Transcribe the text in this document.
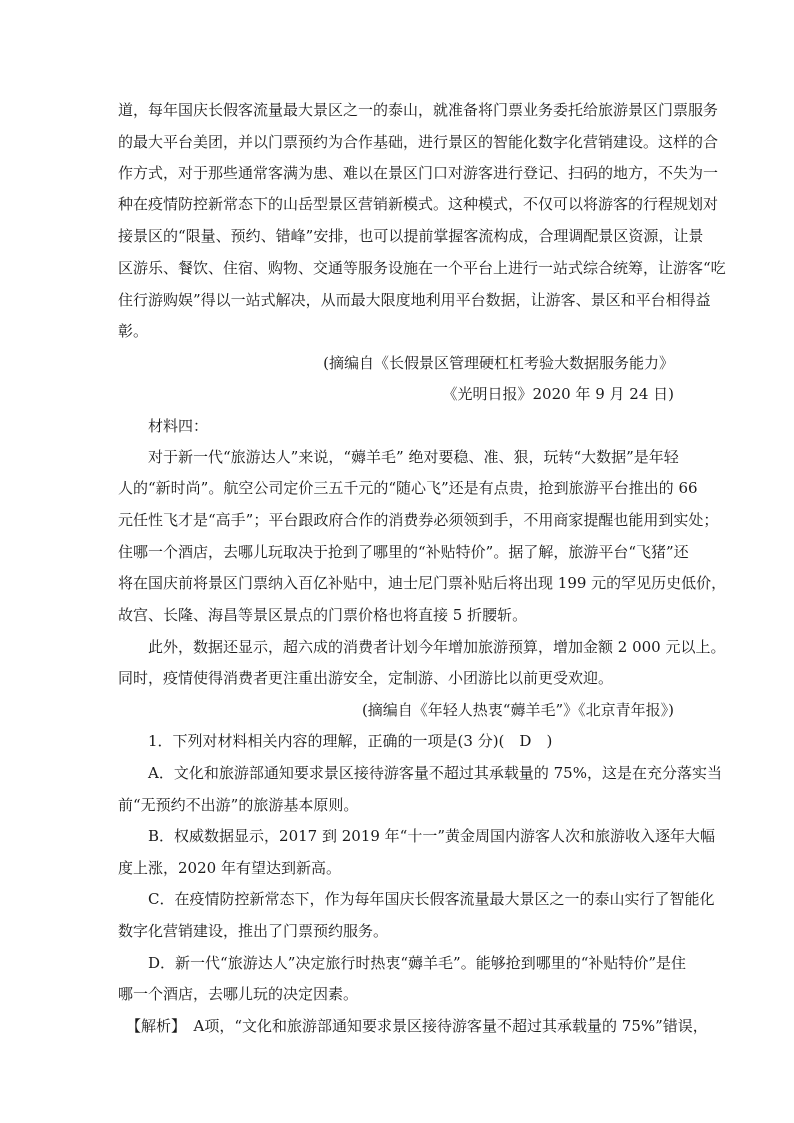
道，每年国庆长假客流量最大景区之一的泰山，就准备将门票业务委托给旅游景区门票服务
的最大平台美团，并以门票预约为合作基础，进行景区的智能化数字化营销建设。这样的合
作方式，对于那些通常客满为患、难以在景区门口对游客进行登记、扫码的地方，不失为一
种在疫情防控新常态下的山岳型景区营销新模式。这种模式，不仅可以将游客的行程规划对
接景区的“限量、预约、错峰”安排，也可以提前掌握客流构成，合理调配景区资源，让景
区游乐、餐饮、住宿、购物、交通等服务设施在一个平台上进行一站式综合统筹，让游客“吃
住行游购娱”得以一站式解决，从而最大限度地利用平台数据，让游客、景区和平台相得益
彰。
(摘编自《长假景区管理硬杠杠考验大数据服务能力》
《光明日报》2020 年 9 月 24 日)
材料四：
对于新一代“旅游达人”来说，“薅羊毛” 绝对要稳、准、狠，玩转“大数据”是年轻
人的“新时尚”。航空公司定价三五千元的“随心飞”还是有点贵，抢到旅游平台推出的 66
元任性飞才是“高手”；平台跟政府合作的消费券必须领到手，不用商家提醒也能用到实处；
住哪一个酒店，去哪儿玩取决于抢到了哪里的“补贴特价”。据了解，旅游平台“飞猪”还
将在国庆前将景区门票纳入百亿补贴中，迪士尼门票补贴后将出现 199 元的罕见历史低价，
故宫、长隆、海昌等景区景点的门票价格也将直接 5 折腰斩。
此外，数据还显示，超六成的消费者计划今年增加旅游预算，增加金额 2 000 元以上。
同时，疫情使得消费者更注重出游安全，定制游、小团游比以前更受欢迎。
(摘编自《年轻人热衷“薅羊毛”》《北京青年报》)
1．下列对材料相关内容的理解，正确的一项是(3 分)(　D　)
A．文化和旅游部通知要求景区接待游客量不超过其承载量的 75%，这是在充分落实当
前“无预约不出游”的旅游基本原则。
B．权威数据显示，2017 到 2019 年“十一”黄金周国内游客人次和旅游收入逐年大幅
度上涨，2020 年有望达到新高。
C．在疫情防控新常态下，作为每年国庆长假客流量最大景区之一的泰山实行了智能化
数字化营销建设，推出了门票预约服务。
D．新一代“旅游达人”决定旅行时热衷“薅羊毛”。能够抢到哪里的“补贴特价”是住
哪一个酒店，去哪儿玩的决定因素。
【解析】　A项，“文化和旅游部通知要求景区接待游客量不超过其承载量的 75%”错误，
